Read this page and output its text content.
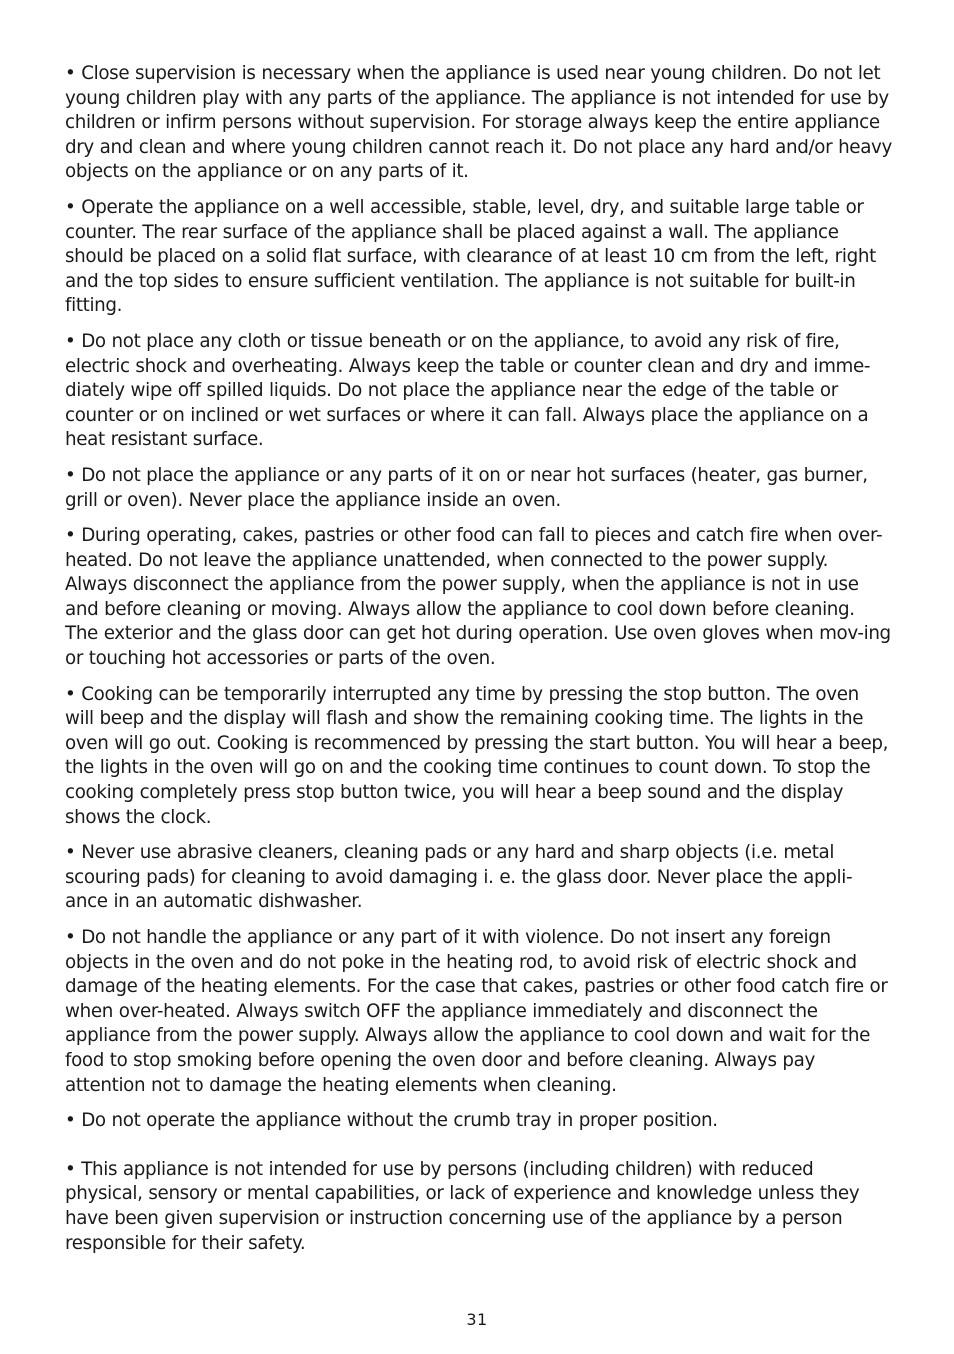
• Close supervision is necessary when the appliance is used near young children. Do not let young children play with any parts of the appliance. The appliance is not intended for use by children or infirm persons without supervision. For storage always keep the entire appliance dry and clean and where young children cannot reach it. Do not place any hard and/or heavy objects on the appliance or on any parts of it.

• Operate the appliance on a well accessible, stable, level, dry, and suitable large table or counter. The rear surface of the appliance shall be placed against a wall. The appliance should be placed on a solid flat surface, with clearance of at least 10 cm from the left, right and the top sides to ensure sufficient ventilation. The appliance is not suitable for built-in fitting.

• Do not place any cloth or tissue beneath or on the appliance, to avoid any risk of fire, electric shock and overheating. Always keep the table or counter clean and dry and imme-diately wipe off spilled liquids. Do not place the appliance near the edge of the table or counter or on inclined or wet surfaces or where it can fall. Always place the appliance on a heat resistant surface.

• Do not place the appliance or any parts of it on or near hot surfaces (heater, gas burner, grill or oven). Never place the appliance inside an oven.

• During operating, cakes, pastries or other food can fall to pieces and catch fire when over-heated. Do not leave the appliance unattended, when connected to the power supply. Always disconnect the appliance from the power supply, when the appliance is not in use and before cleaning or moving. Always allow the appliance to cool down before cleaning. The exterior and the glass door can get hot during operation. Use oven gloves when mov-ing or touching hot accessories or parts of the oven.

• Cooking can be temporarily interrupted any time by pressing the stop button. The oven will beep and the display will flash and show the remaining cooking time. The lights in the oven will go out. Cooking is recommenced by pressing the start button. You will hear a beep, the lights in the oven will go on and the cooking time continues to count down. To stop the cooking completely press stop button twice, you will hear a beep sound and the display shows the clock.

• Never use abrasive cleaners, cleaning pads or any hard and sharp objects (i.e. metal scouring pads) for cleaning to avoid damaging i. e. the glass door. Never place the appli-ance in an automatic dishwasher.

• Do not handle the appliance or any part of it with violence. Do not insert any foreign objects in the oven and do not poke in the heating rod, to avoid risk of electric shock and damage of the heating elements. For the case that cakes, pastries or other food catch fire or when over-heated. Always switch OFF the appliance immediately and disconnect the appliance from the power supply. Always allow the appliance to cool down and wait for the food to stop smoking before opening the oven door and before cleaning. Always pay attention not to damage the heating elements when cleaning.

• Do not operate the appliance without the crumb tray in proper position.

• This appliance is not intended for use by persons (including children) with reduced physical, sensory or mental capabilities, or lack of experience and knowledge unless they have been given supervision or instruction concerning use of the appliance by a person responsible for their safety.

31
